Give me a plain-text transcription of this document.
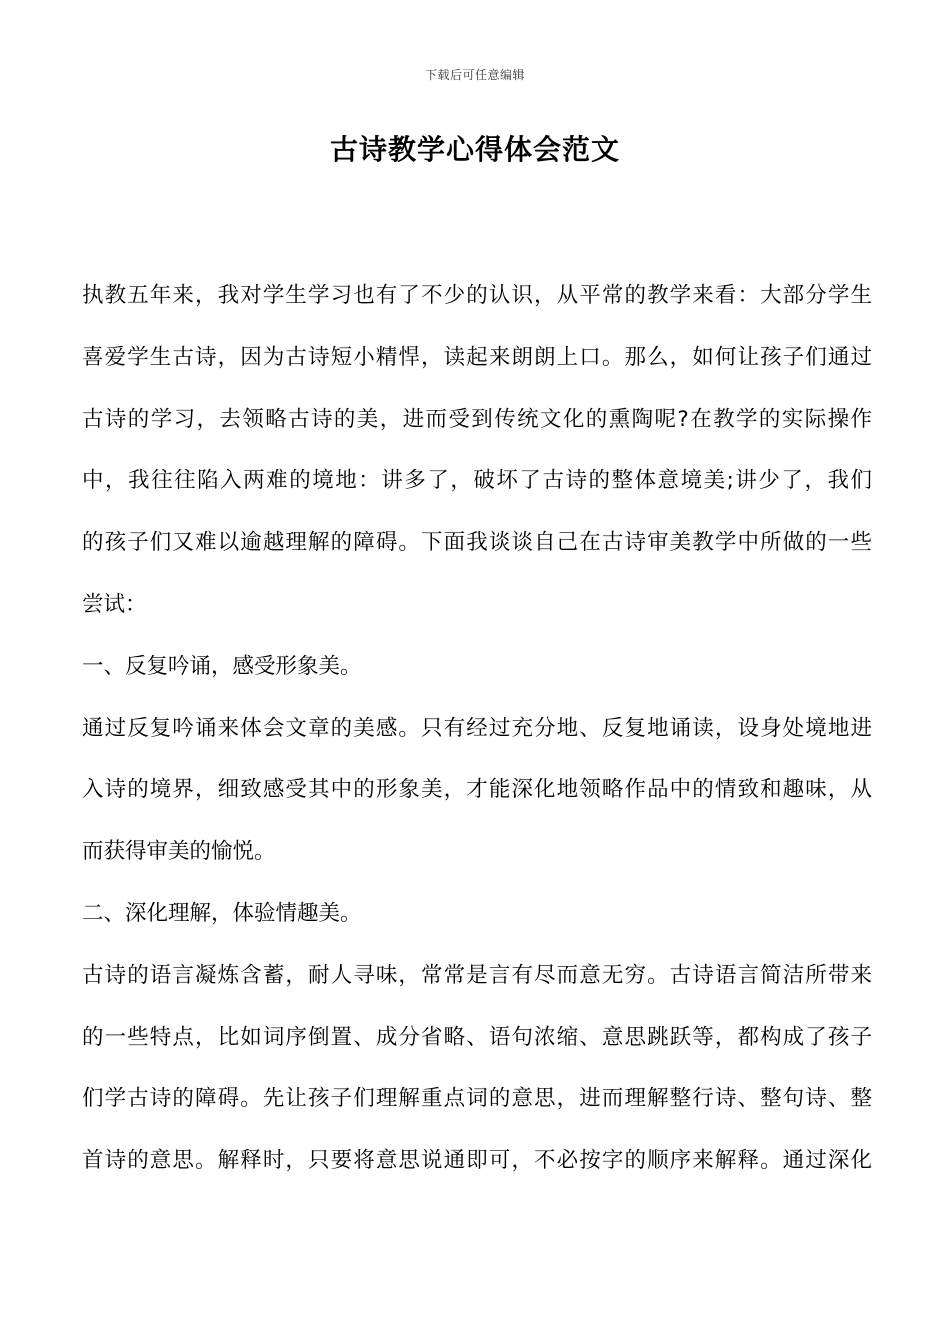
下载后可任意编辑
古诗教学心得体会范文
执教五年来，我对学生学习也有了不少的认识，从平常的教学来看：大部分学生
喜爱学生古诗，因为古诗短小精悍，读起来朗朗上口。那么，如何让孩子们通过
古诗的学习，去领略古诗的美，进而受到传统文化的熏陶呢?在教学的实际操作
中，我往往陷入两难的境地：讲多了，破坏了古诗的整体意境美;讲少了，我们
的孩子们又难以逾越理解的障碍。下面我谈谈自己在古诗审美教学中所做的一些
尝试：
一、反复吟诵，感受形象美。
通过反复吟诵来体会文章的美感。只有经过充分地、反复地诵读，设身处境地进
入诗的境界，细致感受其中的形象美，才能深化地领略作品中的情致和趣味，从
而获得审美的愉悦。
二、深化理解，体验情趣美。
古诗的语言凝炼含蓄，耐人寻味，常常是言有尽而意无穷。古诗语言简洁所带来
的一些特点，比如词序倒置、成分省略、语句浓缩、意思跳跃等，都构成了孩子
们学古诗的障碍。先让孩子们理解重点词的意思，进而理解整行诗、整句诗、整
首诗的意思。解释时，只要将意思说通即可，不必按字的顺序来解释。通过深化
